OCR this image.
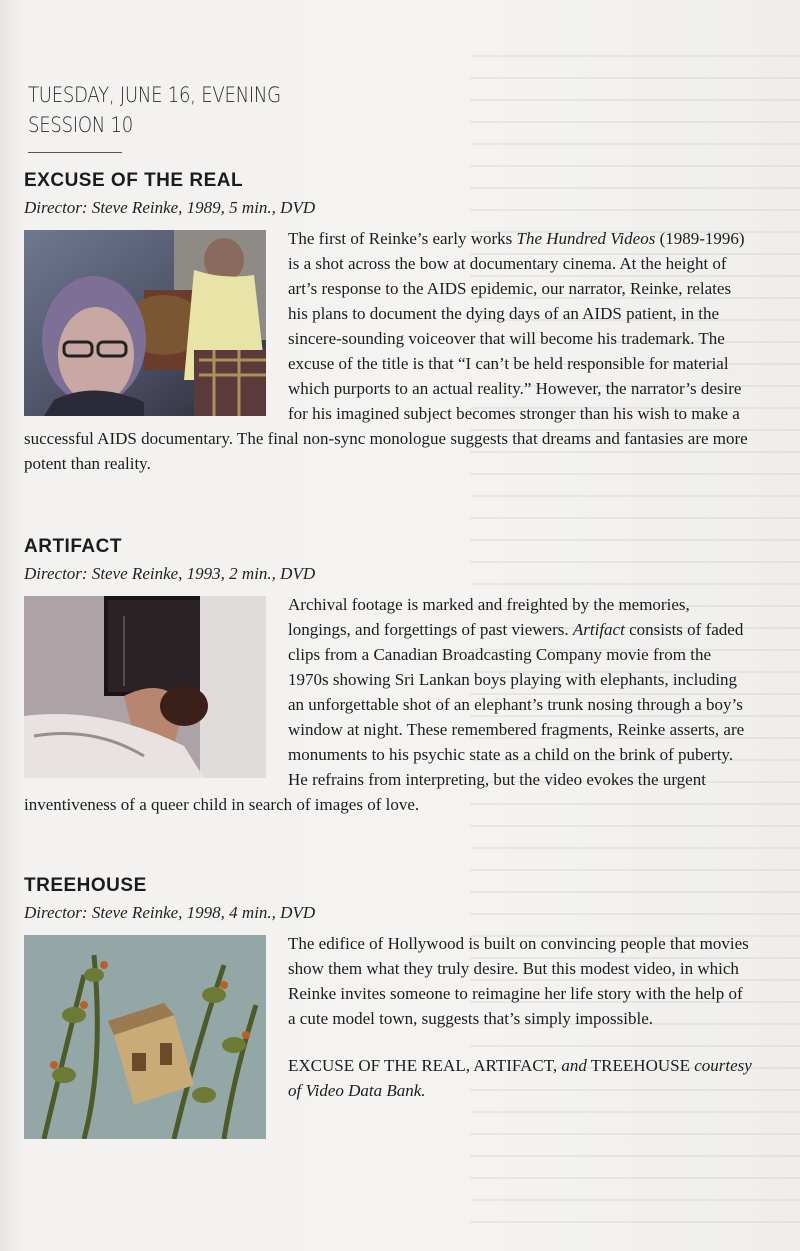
TUESDAY, JUNE 16, EVENING
SESSION 10
EXCUSE OF THE REAL
Director: Steve Reinke, 1989, 5 min., DVD
The first of Reinke’s early works The Hundred Videos (1989-1996) is a shot across the bow at documentary cinema. At the height of art’s response to the AIDS epidemic, our narrator, Reinke, relates his plans to document the dying days of an AIDS patient, in the sincere-sounding voiceover that will become his trademark. The excuse of the title is that “I can’t be held responsible for material which purports to an actual reality.” However, the narrator’s desire for his imagined subject becomes stronger than his wish to make a successful AIDS documentary. The final non-sync monologue suggests that dreams and fantasies are more potent than reality.
ARTIFACT
Director: Steve Reinke, 1993, 2 min., DVD
Archival footage is marked and freighted by the memories, longings, and forgettings of past viewers. Artifact consists of faded clips from a Canadian Broadcasting Company movie from the 1970s showing Sri Lankan boys playing with elephants, including an unforgettable shot of an elephant’s trunk nosing through a boy’s window at night. These remembered fragments, Reinke asserts, are monuments to his psychic state as a child on the brink of puberty. He refrains from interpreting, but the video evokes the urgent inventiveness of a queer child in search of images of love.
TREEHOUSE
Director: Steve Reinke, 1998, 4 min., DVD
The edifice of Hollywood is built on convincing people that movies show them what they truly desire. But this modest video, in which Reinke invites someone to reimagine her life story with the help of a cute model town, suggests that’s simply impossible.
EXCUSE OF THE REAL, ARTIFACT, and TREEHOUSE courtesy of Video Data Bank.
